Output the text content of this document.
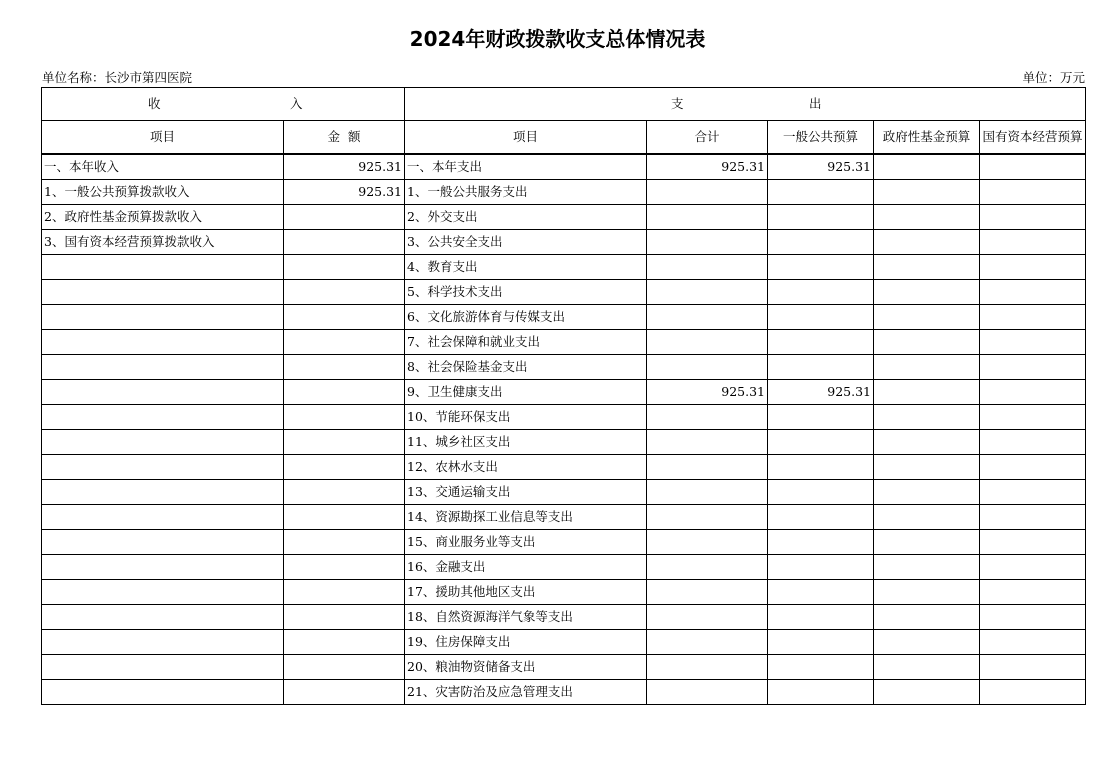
2024年财政拨款收支总体情况表
单位名称：长沙市第四医院	单位：万元
收 入		支 出				

项目	金  额	项目	合计	一般公共预算	政府性基金预算	国有资本经营预算
一、本年收入	925.31	一、本年支出	925.31	925.31		
1、一般公共预算拨款收入	925.31	1、一般公共服务支出				
2、政府性基金预算拨款收入		2、外交支出				
3、国有资本经营预算拨款收入		3、公共安全支出				
		4、教育支出				
		5、科学技术支出				
		6、文化旅游体育与传媒支出				
		7、社会保障和就业支出				
		8、社会保险基金支出				
		9、卫生健康支出	925.31	925.31		
		10、节能环保支出				
		11、城乡社区支出				
		12、农林水支出				
		13、交通运输支出				
		14、资源勘探工业信息等支出				
		15、商业服务业等支出				
		16、金融支出				
		17、援助其他地区支出				
		18、自然资源海洋气象等支出				
		19、住房保障支出				
		20、粮油物资储备支出				
		21、灾害防治及应急管理支出				
